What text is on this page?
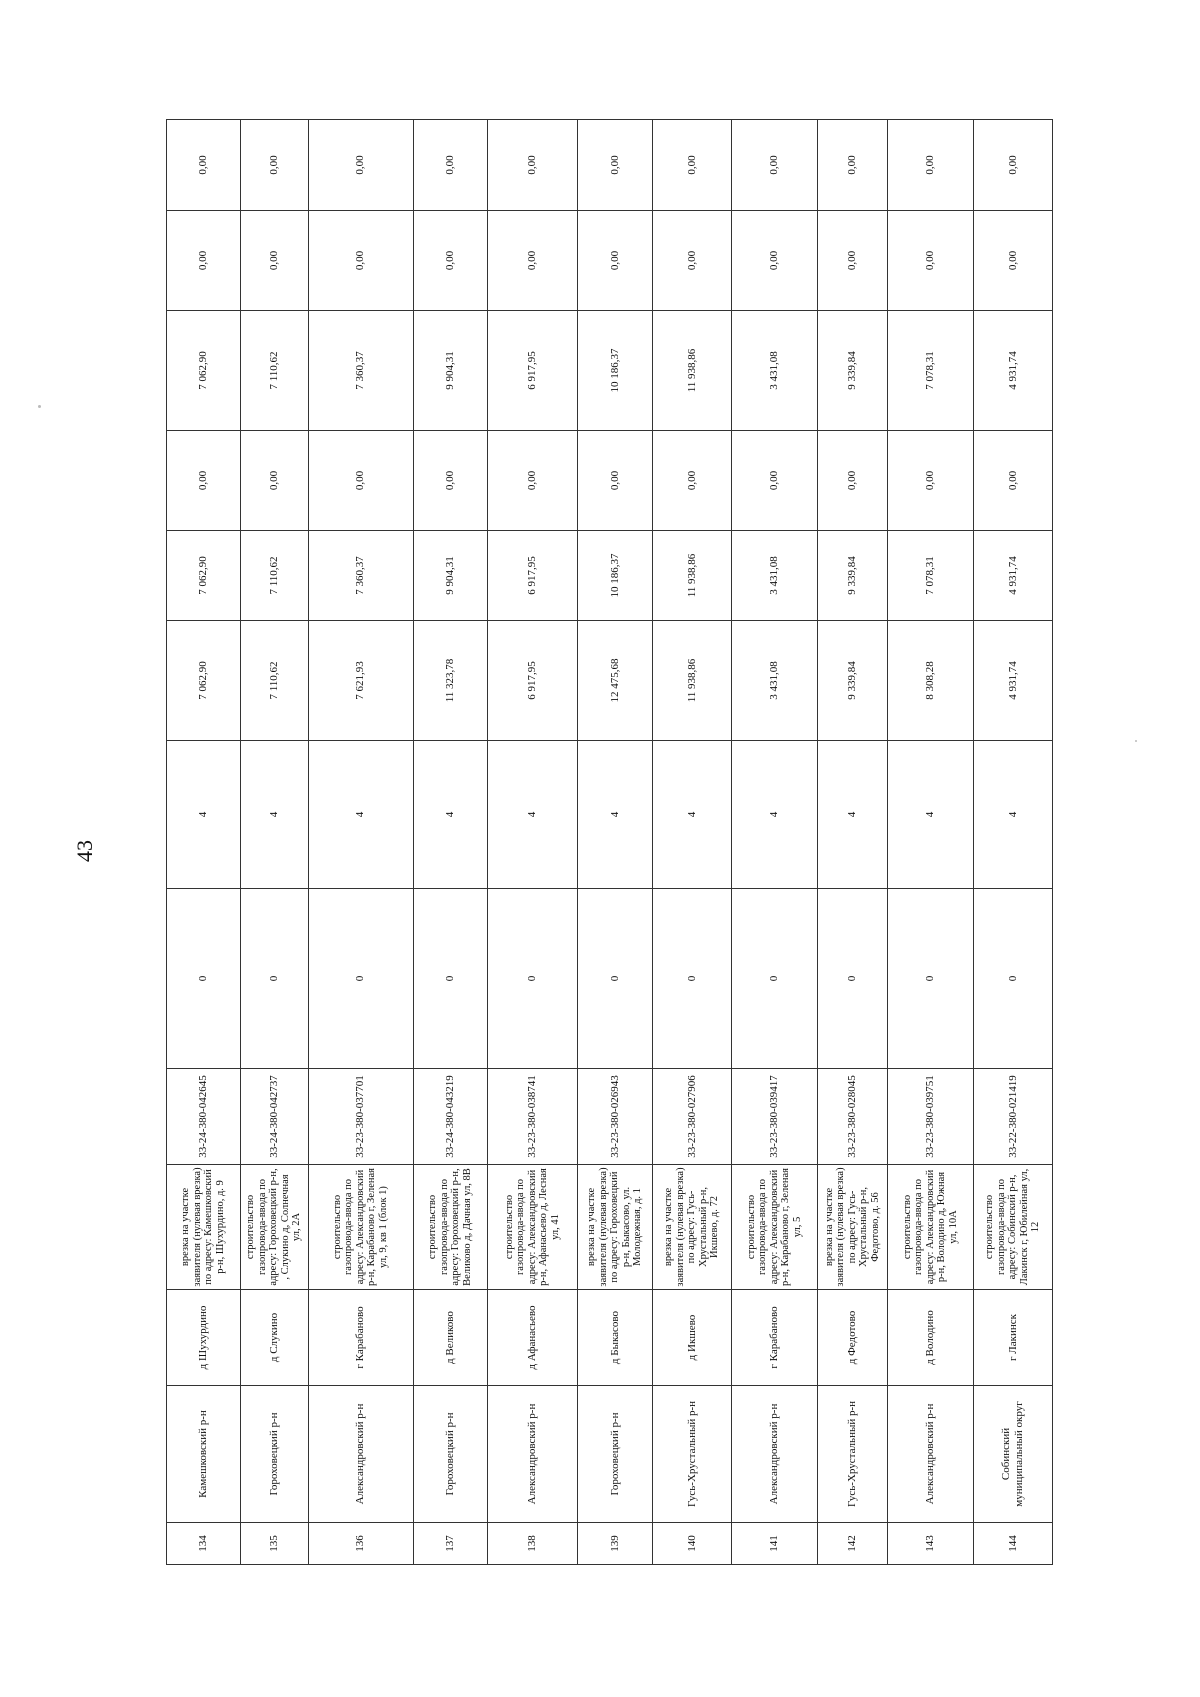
43
134	Камешковский р-н	д Шухурдино	врезка на участке заявителя (нулевая врезка) по адресу: Камешковский р-н, Шухурдино, д. 9	33-24-380-042645	0	4	7 062,90	7 062,90	0,00	7 062,90	0,00	0,00
135	Гороховецкий р-н	д Слукино	строительство газопровода-ввода по адресу: Гороховецкий р-н, , Слукино д, Солнечная ул, 2А	33-24-380-042737	0	4	7 110,62	7 110,62	0,00	7 110,62	0,00	0,00
136	Александровский р-н	г Карабаново	строительство газопровода-ввода по адресу: Александровский р-н, Карабаново г, Зеленая ул, 9, кв 1 (блок 1)	33-23-380-037701	0	4	7 621,93	7 360,37	0,00	7 360,37	0,00	0,00
137	Гороховецкий р-н	д Великово	строительство газопровода-ввода по адресу: Гороховецкий р-н, Великово д, Дачная ул, 8В	33-24-380-043219	0	4	11 323,78	9 904,31	0,00	9 904,31	0,00	0,00
138	Александровский р-н	д Афанасьево	строительство газопровода-ввода по адресу: Александровский р-н, Афанасьево д, Лесная ул, 41	33-23-380-038741	0	4	6 917,95	6 917,95	0,00	6 917,95	0,00	0,00
139	Гороховецкий р-н	д Быкасово	врезка на участке заявителя (нулевая врезка) по адресу: Гороховецкий р-н, Быкасово, ул. Молодежная, д. 1	33-23-380-026943	0	4	12 475,68	10 186,37	0,00	10 186,37	0,00	0,00
140	Гусь-Хрустальный р-н	д Икшево	врезка на участке заявителя (нулевая врезка) по адресу: Гусь-Хрустальный р-н, Икшево, д. 72	33-23-380-027906	0	4	11 938,86	11 938,86	0,00	11 938,86	0,00	0,00
141	Александровский р-н	г Карабаново	строительство газопровода-ввода по адресу: Александровский р-н, Карабаново г, Зеленая ул, 5	33-23-380-039417	0	4	3 431,08	3 431,08	0,00	3 431,08	0,00	0,00
142	Гусь-Хрустальный р-н	д Федотово	врезка на участке заявителя (нулевая врезка) по адресу: Гусь-Хрустальный р-н, Федотово, д. 56	33-23-380-028045	0	4	9 339,84	9 339,84	0,00	9 339,84	0,00	0,00
143	Александровский р-н	д Володино	строительство газопровода-ввода по адресу: Александровский р-н, Володино д, Южная ул, 10А	33-23-380-039751	0	4	8 308,28	7 078,31	0,00	7 078,31	0,00	0,00
144	Собинский муниципальный округ	г Лакинск	строительство газопровода-ввода по адресу: Собинский р-н, Лакинск г, Юбилейная ул, 12	33-22-380-021419	0	4	4 931,74	4 931,74	0,00	4 931,74	0,00	0,00
